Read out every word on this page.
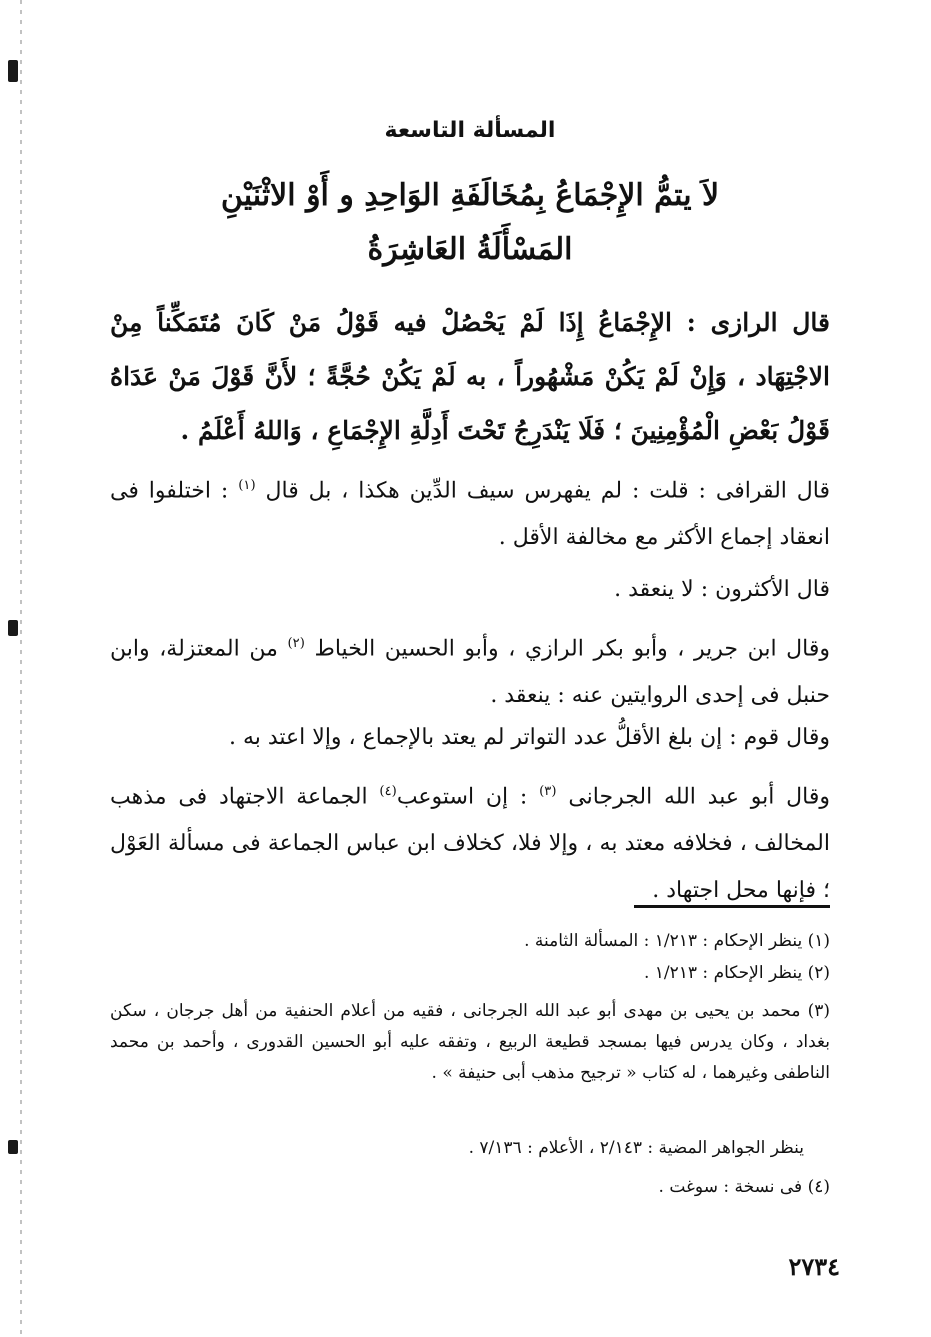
المسألة التاسعة
لاَ يتمُّ الإِجْمَاعُ بِمُخَالَفَةِ الوَاحِدِ و أَوْ الاثْنَيْنِ
المَسْأَلَةُ العَاشِرَةُ
قال الرازى : الإِجْمَاعُ إِذَا لَمْ يَحْصُلْ فيه قَوْلُ مَنْ كَانَ مُتَمَكِّناً مِنْ الاجْتِهَاد ، وَإِنْ لَمْ يَكُنْ مَشْهُوراً ، به لَمْ يَكُنْ حُجَّةً ؛ لأَنَّ قَوْلَ مَنْ عَدَاهُ قَوْلُ بَعْضِ الْمُؤْمِنِينَ ؛ فَلَا يَنْدَرِجُ تَحْتَ أَدِلَّةِ الإِجْمَاعِ ، وَاللهُ أَعْلَمُ .
قال القرافى : قلت : لم يفهرس سيف الدِّين هكذا ، بل قال $^{(١)}$ : اختلفوا فى انعقاد إجماع الأكثر مع مخالفة الأقل .
قال الأكثرون : لا ينعقد .
وقال ابن جرير ، وأبو بكر الرازي ، وأبو الحسين الخياط $^{(٢)}$ من المعتزلة، وابن حنبل فى إحدى الروايتين عنه : ينعقد .
وقال قوم : إن بلغ الأقلُّ عدد التواتر لم يعتد بالإجماع ، وإلا اعتد به .
وقال أبو عبد الله الجرجانى $^{(٣)}$ : إن استوعب$^{(٤)}$ الجماعة الاجتهاد فى مذهب المخالف ، فخلافه معتد به ، وإلا فلا، كخلاف ابن عباس الجماعة فى مسألة العَوْل ؛ فإنها محل اجتهاد .
(١) ينظر الإحكام : ١/٢١٣ : المسألة الثامنة .
(٢) ينظر الإحكام : ١/٢١٣ .
(٣) محمد بن يحيى بن مهدى أبو عبد الله الجرجانى ، فقيه من أعلام الحنفية من أهل جرجان ، سكن بغداد ، وكان يدرس فيها بمسجد قطيعة الربيع ، وتفقه عليه أبو الحسين القدورى ، وأحمد بن محمد الناطفى وغيرهما ، له كتاب « ترجيح مذهب أبى حنيفة » .
ينظر الجواهر المضية : ٢/١٤٣ ، الأعلام : ٧/١٣٦ .
(٤) فى نسخة : سوغت .
٢٧٣٤
